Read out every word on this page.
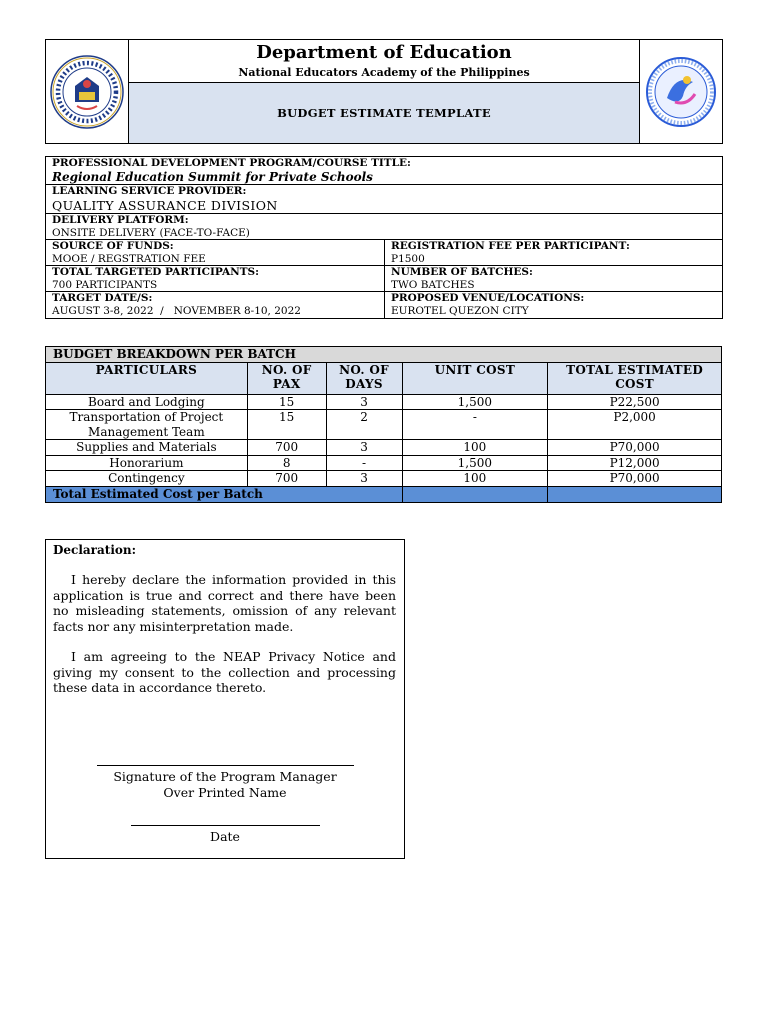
Department of Education
National Educators Academy of the Philippines
BUDGET ESTIMATE TEMPLATE
PROFESSIONAL DEVELOPMENT PROGRAM/COURSE TITLE:
Regional Education Summit for Private Schools
LEARNING SERVICE PROVIDER:
QUALITY ASSURANCE DIVISION
DELIVERY PLATFORM:
ONSITE DELIVERY (FACE-TO-FACE)
SOURCE OF FUNDS:
MOOE / REGSTRATION FEE
REGISTRATION FEE PER PARTICIPANT:
P1500
TOTAL TARGETED PARTICIPANTS:
700 PARTICIPANTS
NUMBER OF BATCHES:
TWO BATCHES
TARGET DATE/S:
AUGUST 3-8, 2022  /   NOVEMBER 8-10, 2022
PROPOSED VENUE/LOCATIONS:
EUROTEL QUEZON CITY
BUDGET BREAKDOWN PER BATCH				
PARTICULARS	NO. OF PAX	NO. OF DAYS	UNIT COST	TOTAL ESTIMATED COST
Board and Lodging	15	3	1,500	P22,500
Transportation of Project Management Team	15	2	-	P2,000
Supplies and Materials	700	3	100	P70,000
Honorarium	8	-	1,500	P12,000
Contingency	700	3	100	P70,000
Total Estimated Cost per Batch				
Declaration:

I hereby declare the information provided in this application is true and correct and there have been no misleading statements, omission of any relevant facts nor any misinterpretation made.

I am agreeing to the NEAP Privacy Notice and giving my consent to the collection and processing these data in accordance thereto.

Signature of the Program Manager
Over Printed Name
Date
